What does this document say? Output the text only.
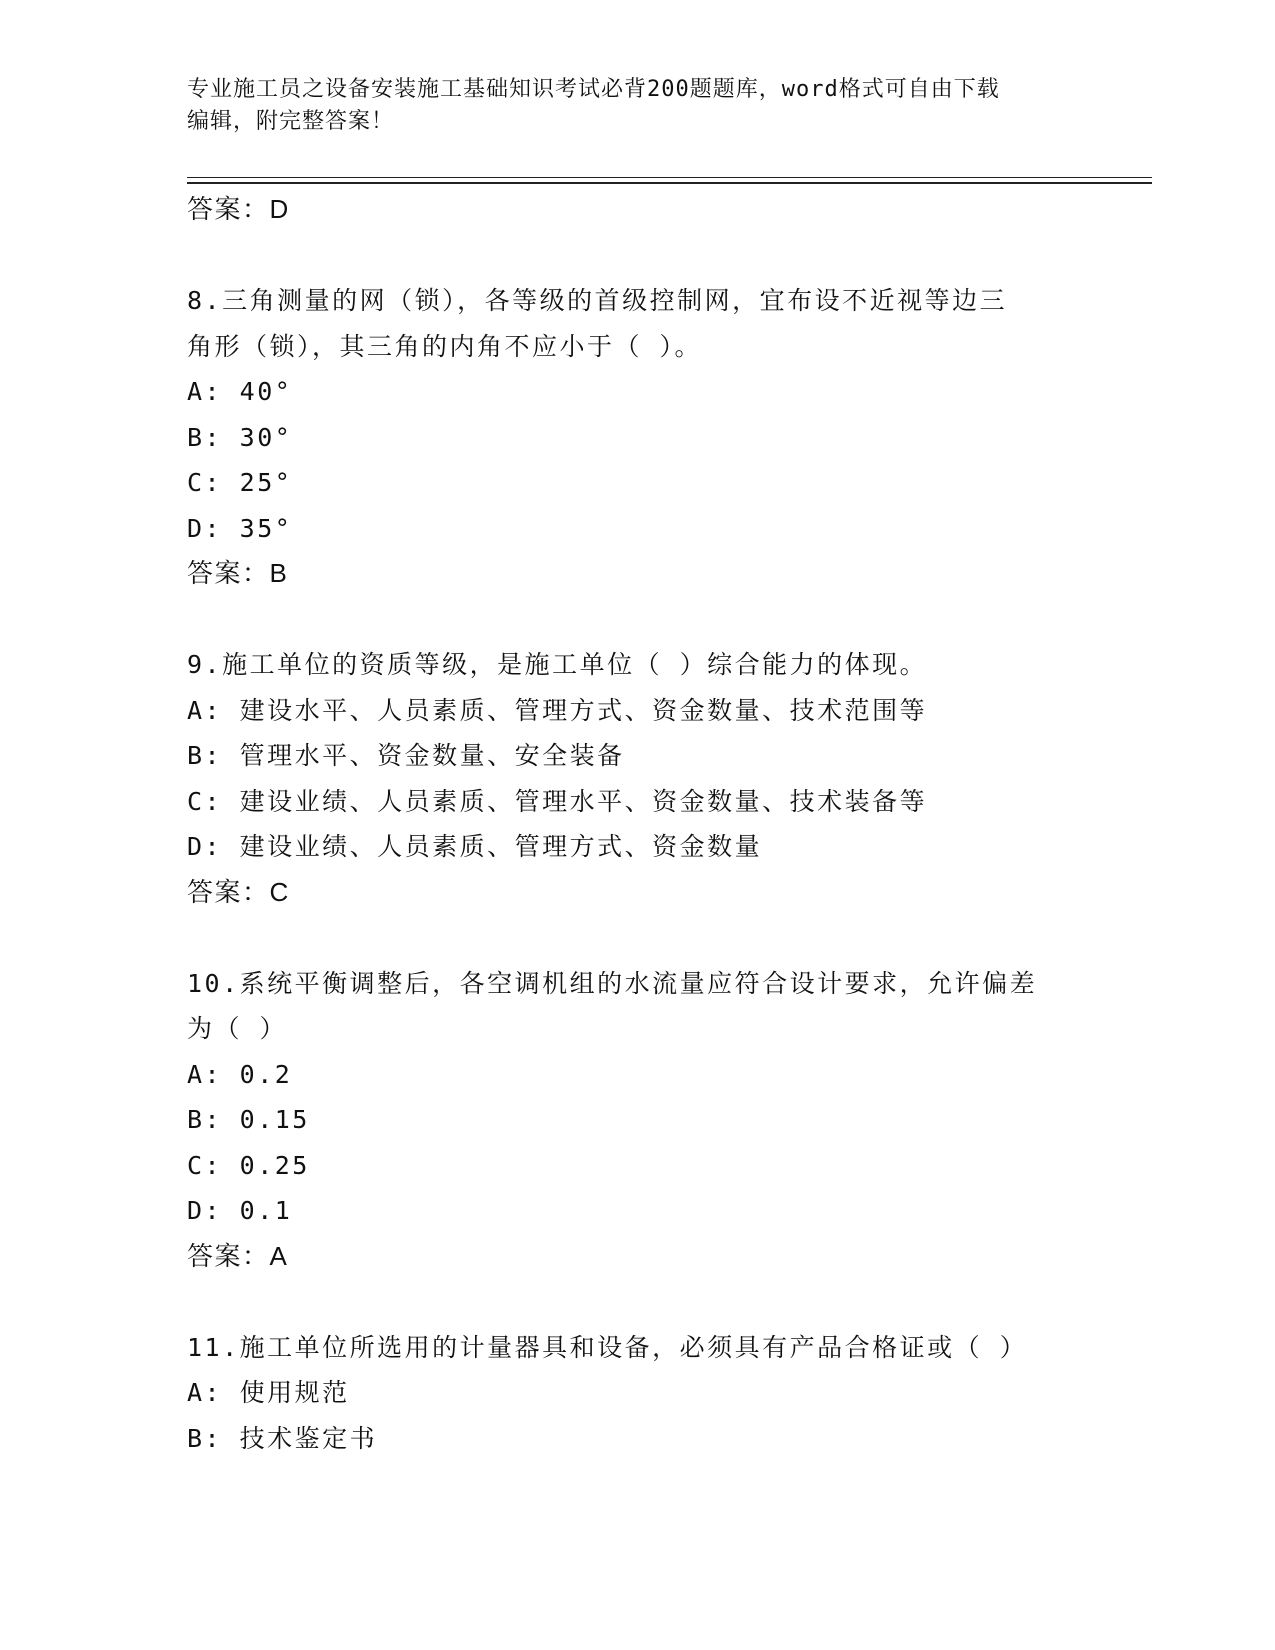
专业施工员之设备安装施工基础知识考试必背200题题库，word格式可自由下载
编辑，附完整答案！
答案：D
8.三角测量的网（锁），各等级的首级控制网，宜布设不近视等边三
角形（锁），其三角的内角不应小于（ ）。
A: 40°
B: 30°
C: 25°
D: 35°
答案：B
9.施工单位的资质等级，是施工单位（ ）综合能力的体现。
A: 建设水平、人员素质、管理方式、资金数量、技术范围等
B: 管理水平、资金数量、安全装备
C: 建设业绩、人员素质、管理水平、资金数量、技术装备等
D: 建设业绩、人员素质、管理方式、资金数量
答案：C
10.系统平衡调整后，各空调机组的水流量应符合设计要求，允许偏差
为（ ）
A: 0.2
B: 0.15
C: 0.25
D: 0.1
答案：A
11.施工单位所选用的计量器具和设备，必须具有产品合格证或（ ）
A: 使用规范
B: 技术鉴定书
